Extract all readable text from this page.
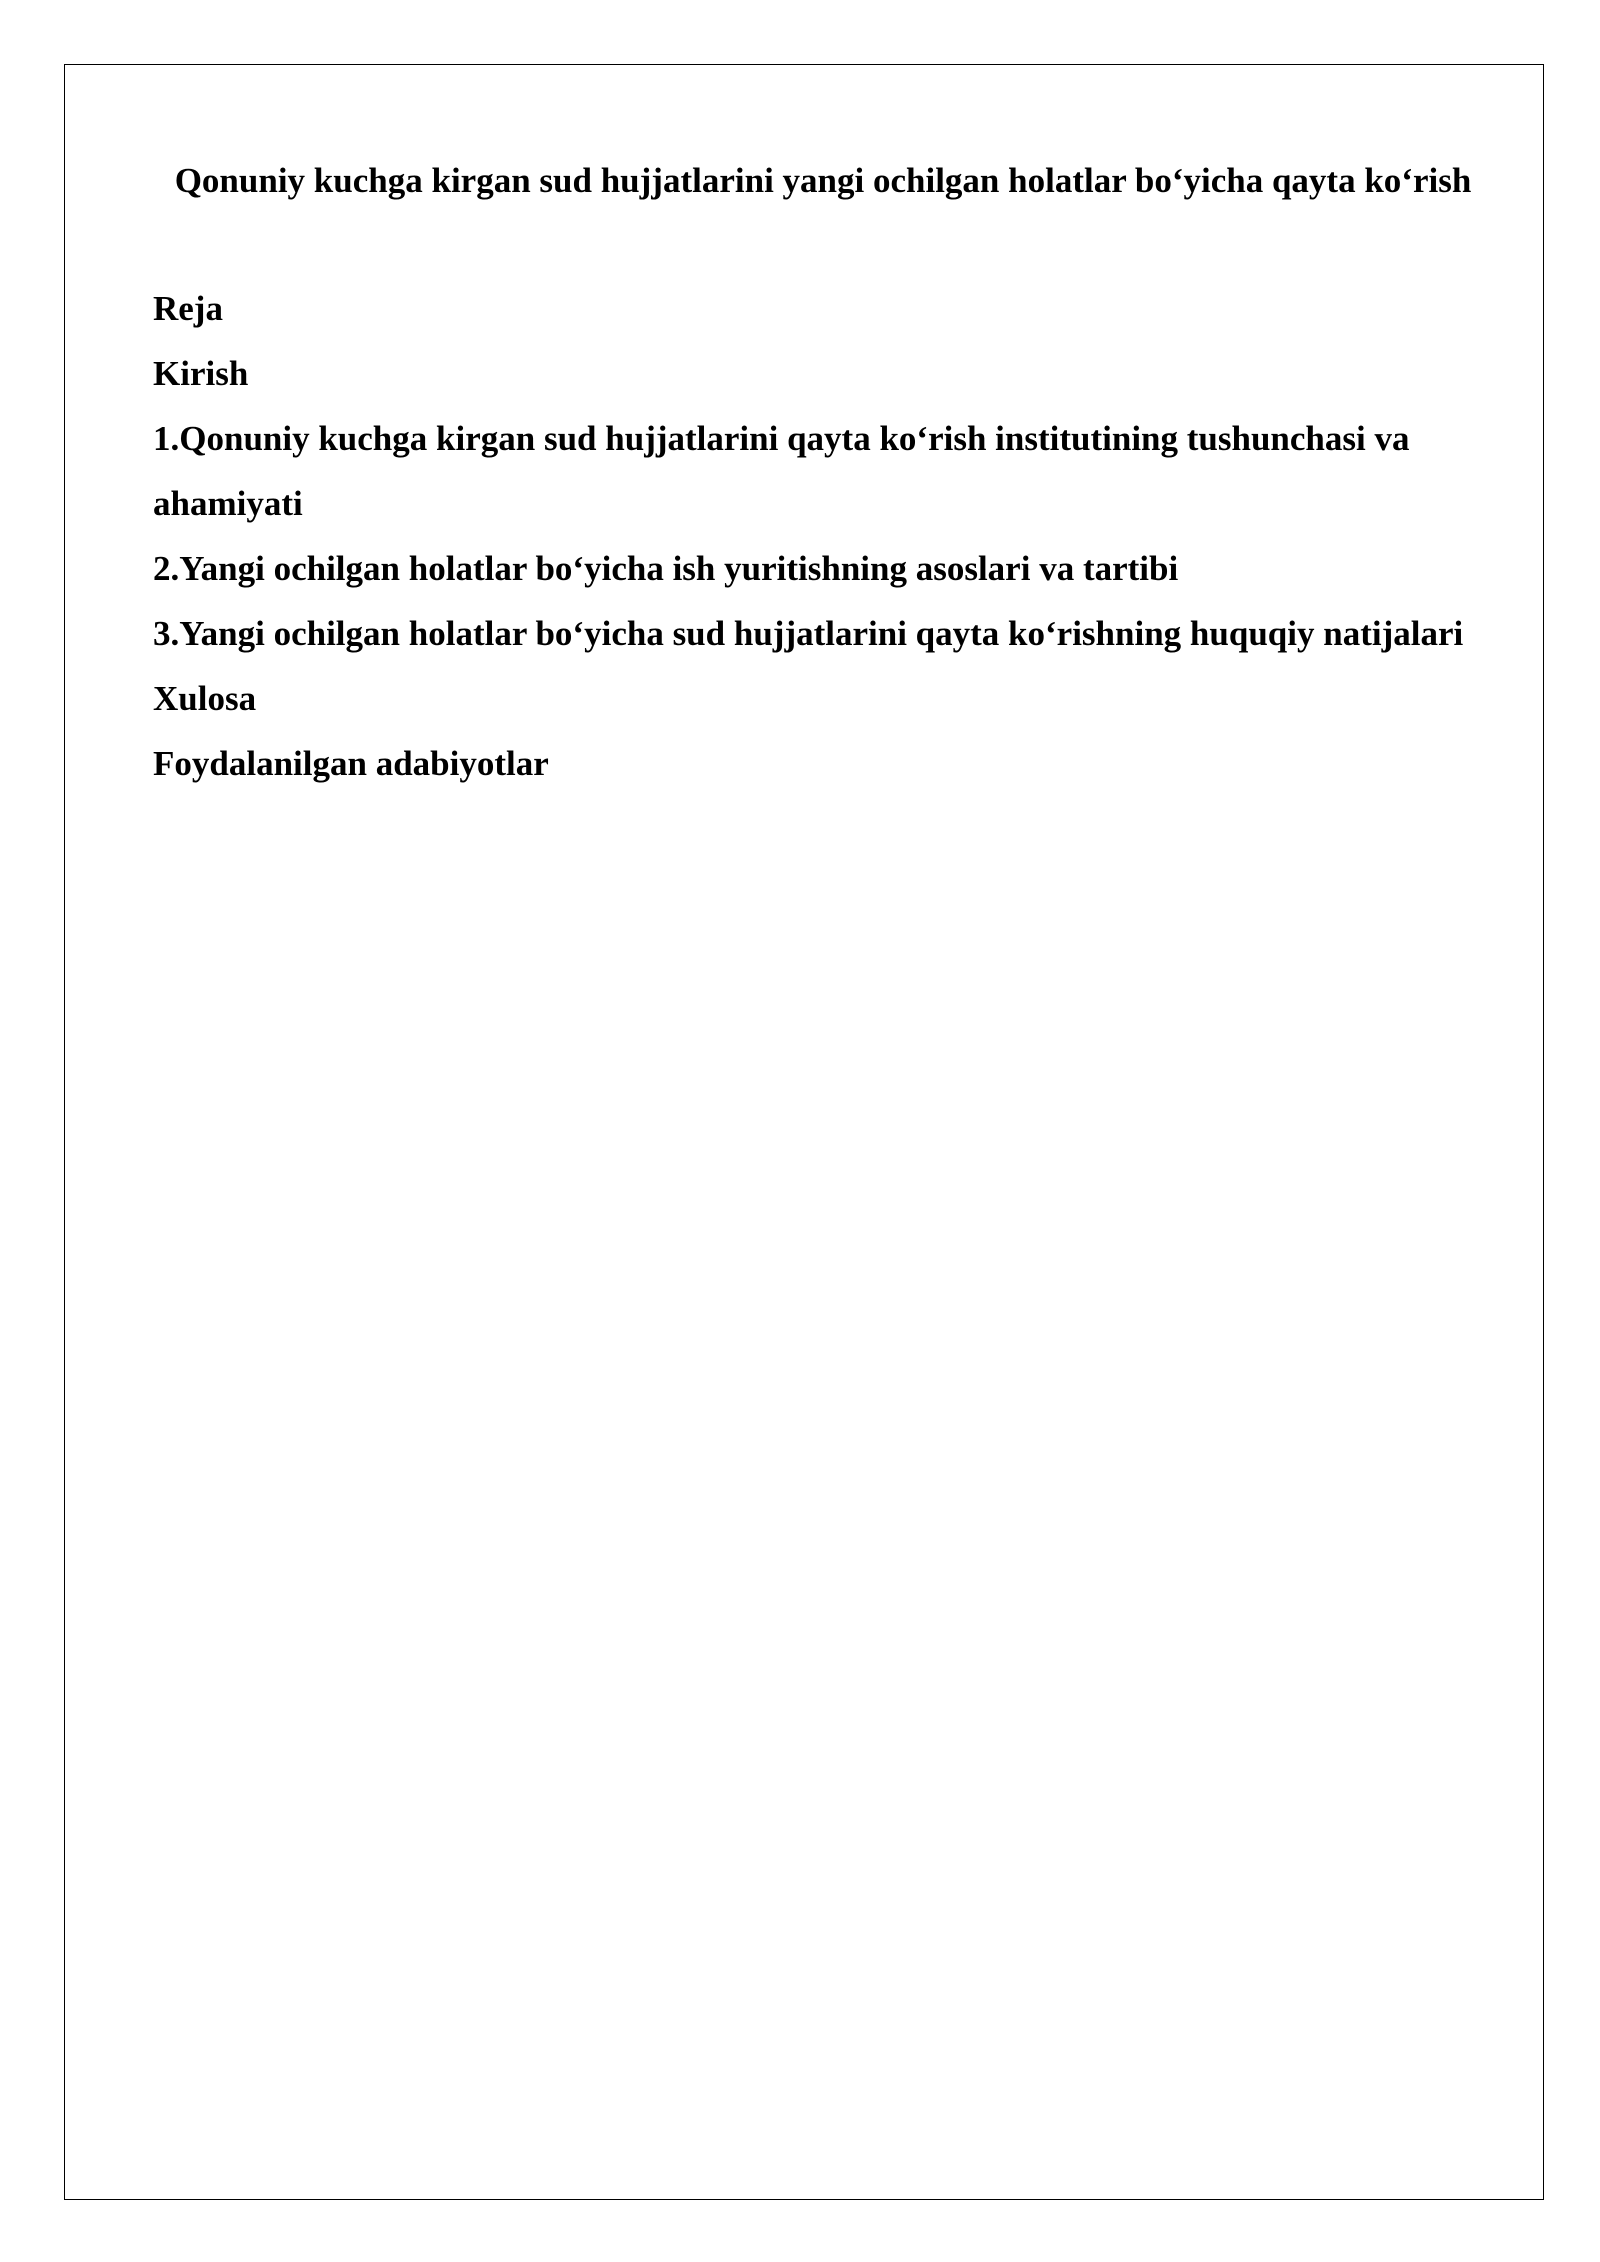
Qonuniy kuchga kirgan sud hujjatlarini yangi ochilgan holatlar bo‘yicha qayta ko‘rish
Reja
Kirish
1.Qonuniy kuchga kirgan sud hujjatlarini qayta ko‘rish institutining tushunchasi va ahamiyati
2.Yangi ochilgan holatlar bo‘yicha ish yuritishning asoslari va tartibi
3.Yangi ochilgan holatlar bo‘yicha sud hujjatlarini qayta ko‘rishning huquqiy natijalari
Xulosa
Foydalanilgan adabiyotlar
